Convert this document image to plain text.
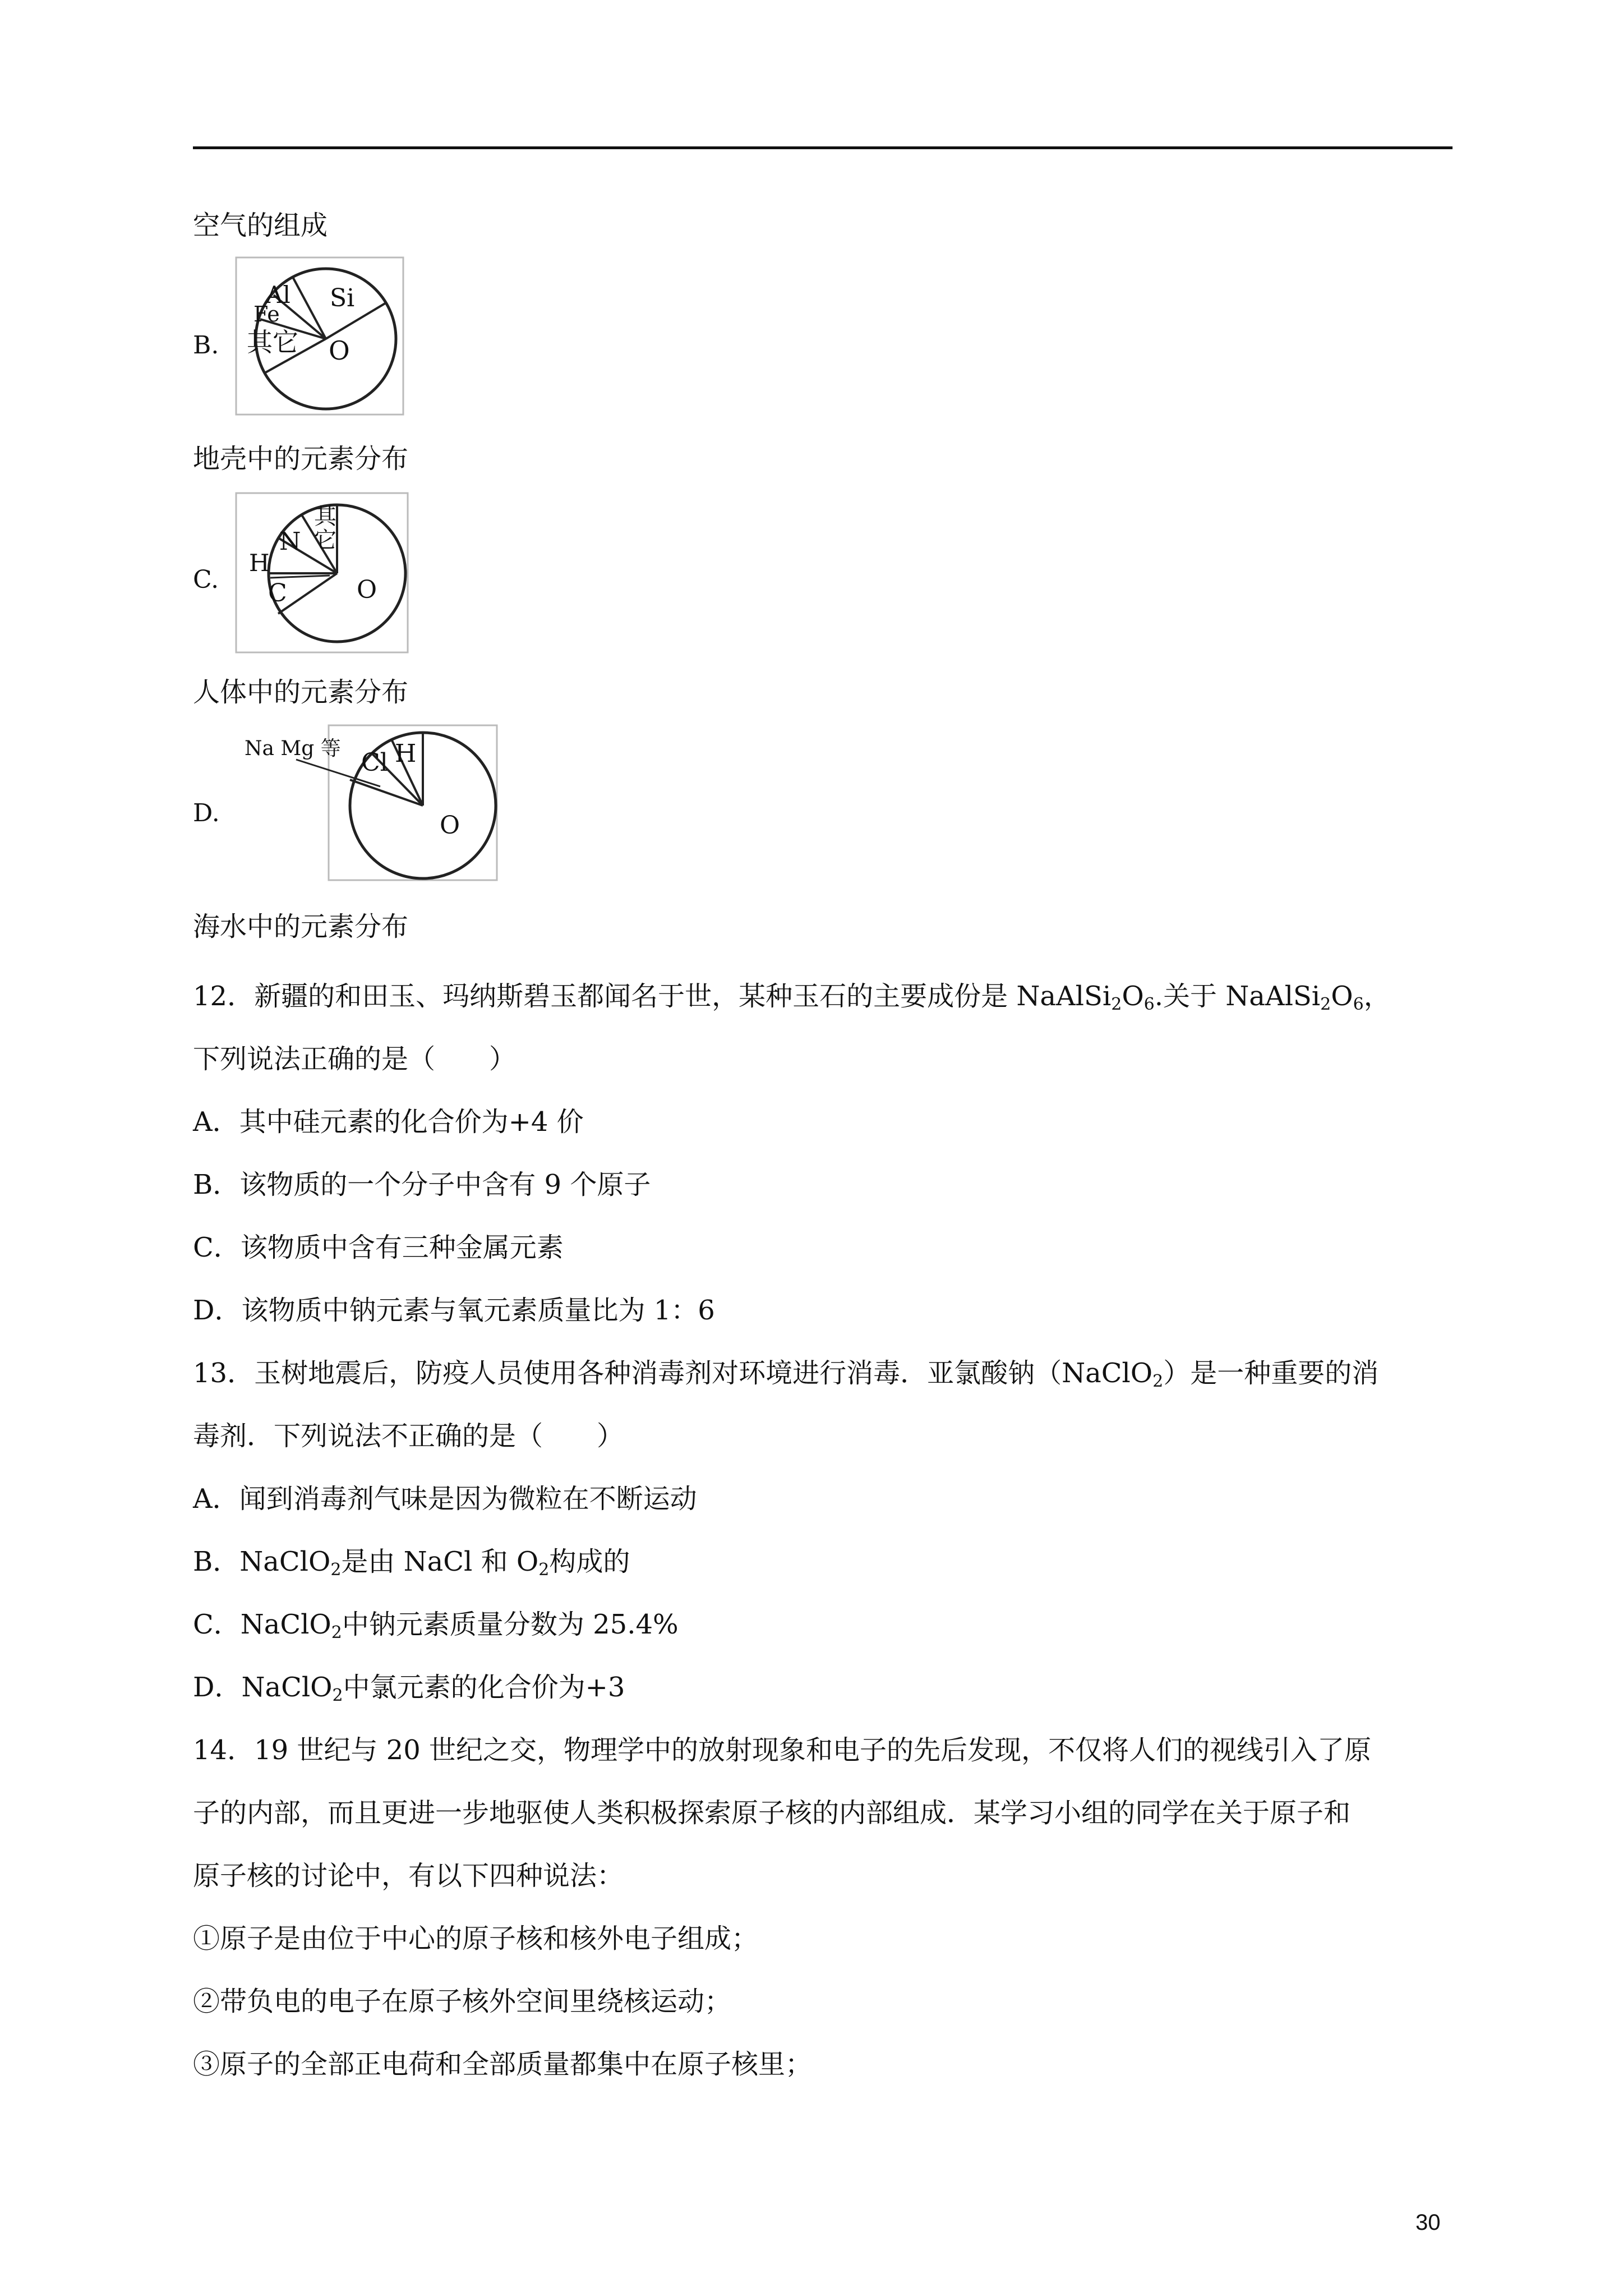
空气的组成
B.
Al
Fe
Si
其它 O
地壳中的元素分布
C.
其
它
N
H
C	O
人体中的元素分布
D.
Na Mg 等 Cl H
O
海水中的元素分布
12．新疆的和田玉、玛纳斯碧玉都闻名于世，某种玉石的主要成份是 $NaAlSi_2O_6$.关于 $NaAlSi_2O_6$，
下列说法正确的是（　　）
A．其中硅元素的化合价为+4 价
B．该物质的一个分子中含有 9 个原子
C．该物质中含有三种金属元素
D．该物质中钠元素与氧元素质量比为 1：6
13．玉树地震后，防疫人员使用各种消毒剂对环境进行消毒．亚氯酸钠（NaClO$_2$）是一种重要的消
毒剂．下列说法不正确的是（　　）
A．闻到消毒剂气味是因为微粒在不断运动
B．NaClO$_2$是由 NaCl 和 $O_2$构成的
C．NaClO$_2$中钠元素质量分数为 25.4%
D．NaClO$_2$中氯元素的化合价为+3
14．19 世纪与 20 世纪之交，物理学中的放射现象和电子的先后发现，不仅将人们的视线引入了原
子的内部，而且更进一步地驱使人类积极探索原子核的内部组成．某学习小组的同学在关于原子和
原子核的讨论中，有以下四种说法：
①原子是由位于中心的原子核和核外电子组成；
②带负电的电子在原子核外空间里绕核运动；
③原子的全部正电荷和全部质量都集中在原子核里；
30
